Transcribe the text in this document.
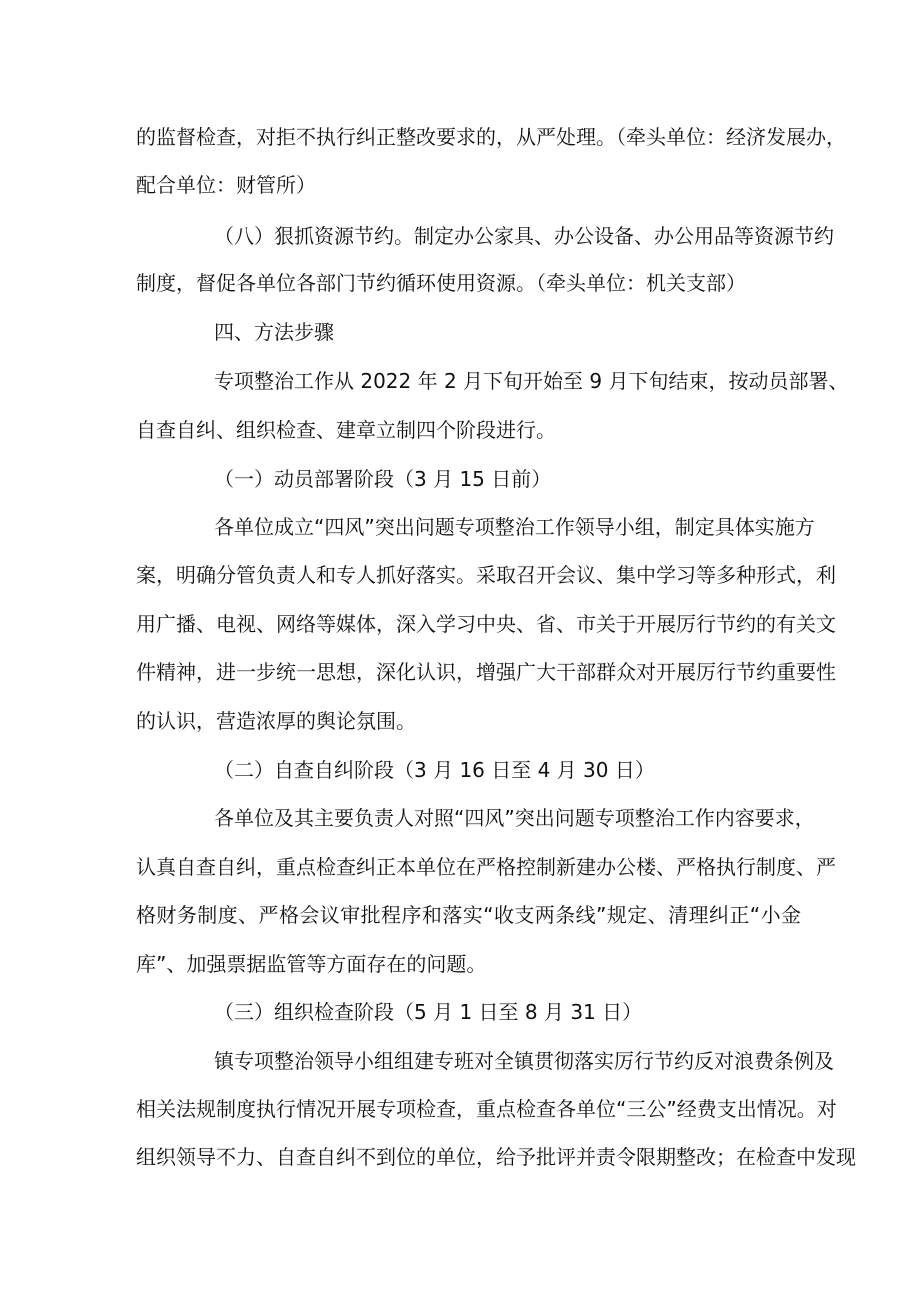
的监督检查，对拒不执行纠正整改要求的，从严处理。（牵头单位：经济发展办，
配合单位：财管所）
（八）狠抓资源节约。制定办公家具、办公设备、办公用品等资源节约
制度，督促各单位各部门节约循环使用资源。（牵头单位：机关支部）
四、方法步骤
专项整治工作从 2022 年 2 月下旬开始至 9 月下旬结束，按动员部署、
自查自纠、组织检查、建章立制四个阶段进行。
（一）动员部署阶段（3 月 15 日前）
各单位成立“四风”突出问题专项整治工作领导小组，制定具体实施方
案，明确分管负责人和专人抓好落实。采取召开会议、集中学习等多种形式，利
用广播、电视、网络等媒体，深入学习中央、省、市关于开展厉行节约的有关文
件精神，进一步统一思想，深化认识，增强广大干部群众对开展厉行节约重要性
的认识，营造浓厚的舆论氛围。
（二）自查自纠阶段（3 月 16 日至 4 月 30 日）
各单位及其主要负责人对照“四风”突出问题专项整治工作内容要求，
认真自查自纠，重点检查纠正本单位在严格控制新建办公楼、严格执行制度、严
格财务制度、严格会议审批程序和落实“收支两条线”规定、清理纠正“小金
库”、加强票据监管等方面存在的问题。
（三）组织检查阶段（5 月 1 日至 8 月 31 日）
镇专项整治领导小组组建专班对全镇贯彻落实厉行节约反对浪费条例及
相关法规制度执行情况开展专项检查，重点检查各单位“三公”经费支出情况。对
组织领导不力、自查自纠不到位的单位，给予批评并责令限期整改；在检查中发现
